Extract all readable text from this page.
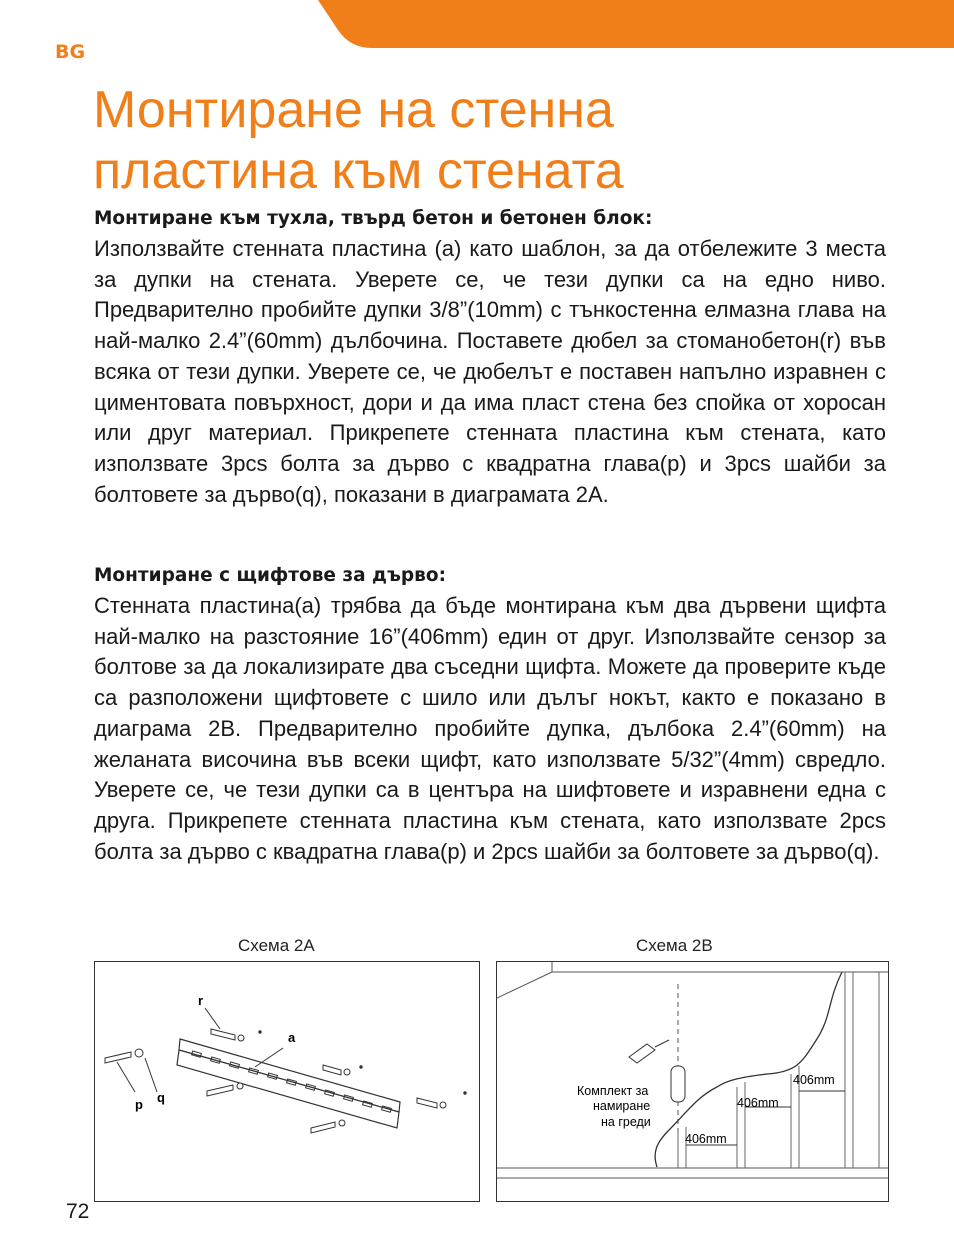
BG
Монтиране на стенна
пластина към стената

Монтиране към тухла, твърд бетон и бетонен блок:

Използвайте стенната пластина (a) като шаблон, за да отбележите 3 места за дупки на стената. Уверете се, че тези дупки са на едно ниво. Предварително пробийте дупки 3/8”(10mm) с тънкостенна елмазна глава на най-малко 2.4”(60mm) дълбочина. Поставете дюбел за стоманобетон(r) във всяка от тези дупки. Уверете се, че дюбелът е поставен напълно изравнен с циментовата повърхност, дори и да има пласт стена без спойка от хоросан или друг материал. Прикрепете стенната пластина към стената, като използвате 3pcs болта за дърво с квадратна глава(p) и 3pcs шайби за болтовете за дърво(q), показани в диаграмата 2A.

Монтиране с щифтове за дърво:

Стенната пластина(a) трябва да бъде монтирана към два дървени щифта най-малко на разстояние 16”(406mm) един от друг. Използвайте сензор за болтове за да локализирате два съседни щифта. Можете да проверите къде са разположени щифтовете с шило или дълъг нокът, както е показано в диаграма 2B. Предварително пробийте дупка, дълбока 2.4”(60mm) на желаната височина във всеки щифт, като използвате 5/32”(4mm) свредло. Уверете се, че тези дупки са в центъра на шифтовете и изравнени една с друга. Прикрепете стенната пластина към стената, като използвате 2pcs болта за дърво с квадратна глава(p) и 2pcs шайби за болтовете за дърво(q).

Схема 2A	Схема 2B
r
a
p q	Комплект за
намиране
на греди
406mm
406mm
406mm
72
